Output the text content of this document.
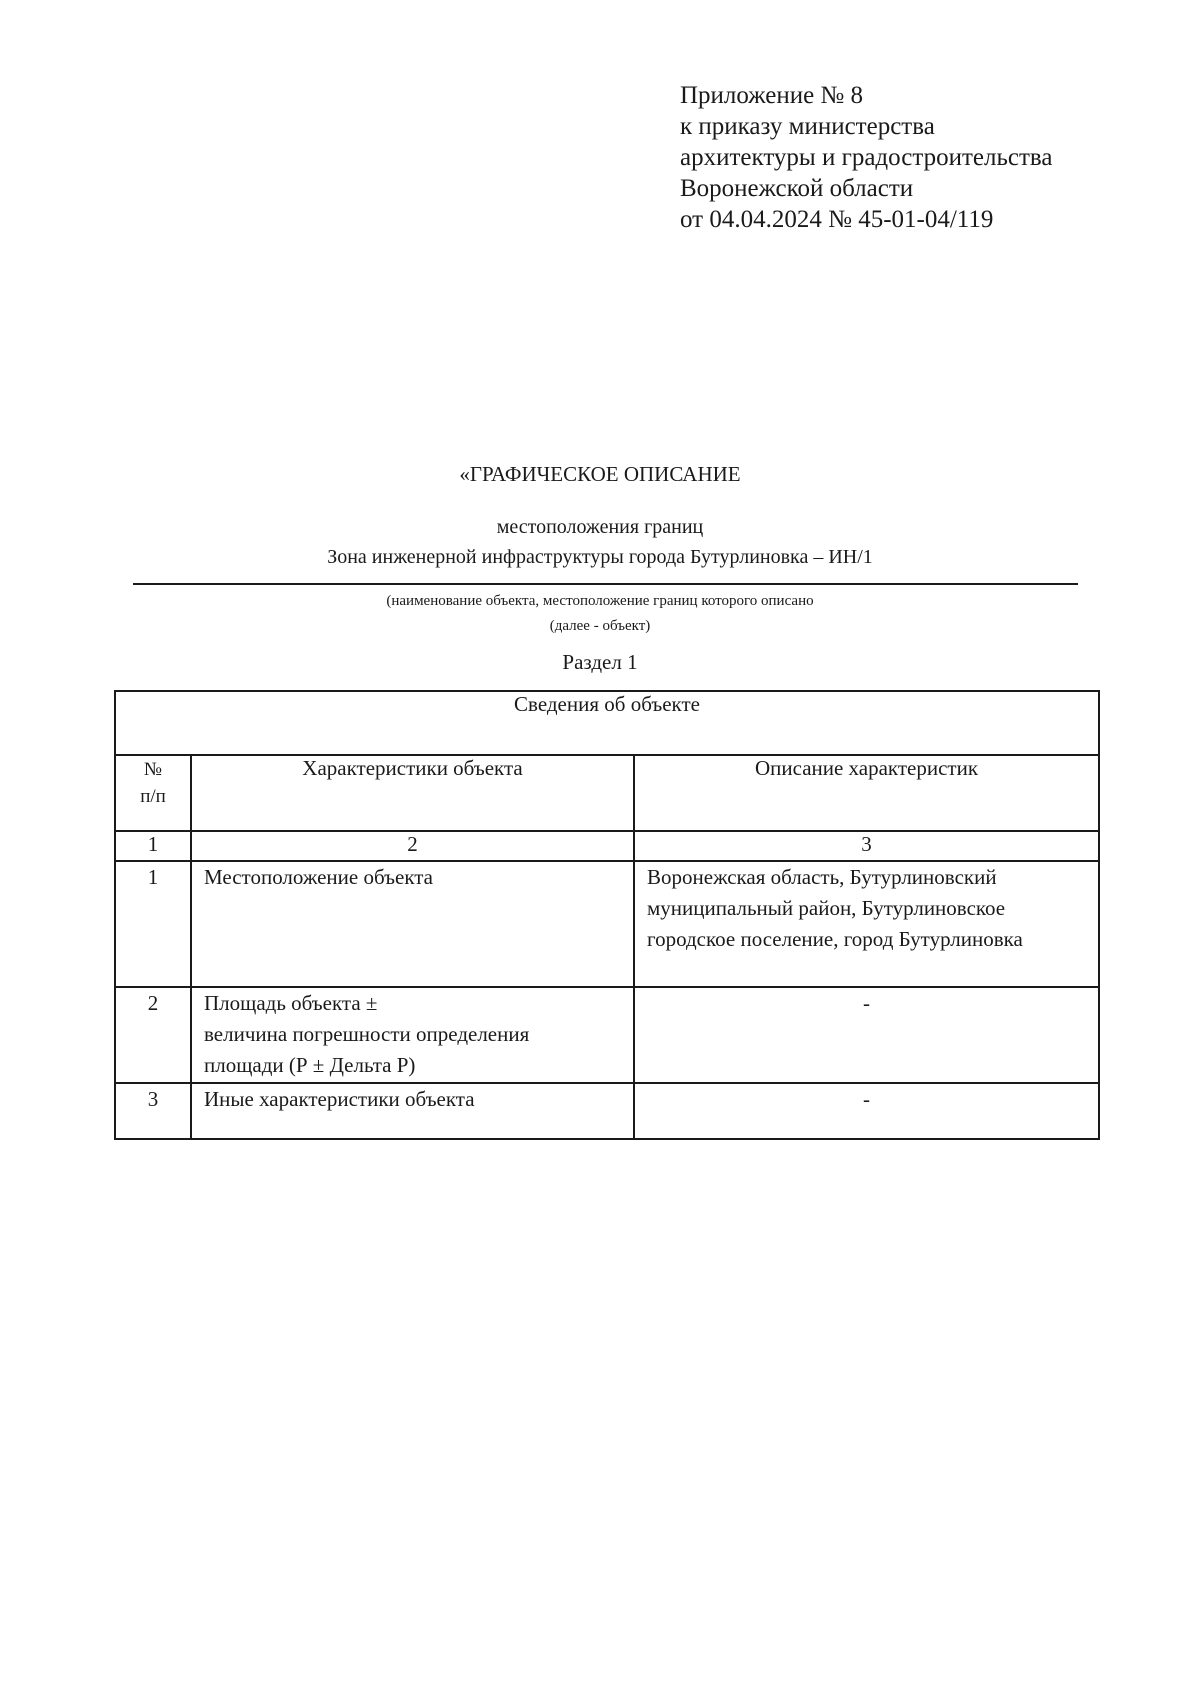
Приложение № 8
к приказу министерства
архитектуры и градостроительства
Воронежской области
от 04.04.2024 № 45-01-04/119
«ГРАФИЧЕСКОЕ ОПИСАНИЕ
местоположения границ
Зона инженерной инфраструктуры города Бутурлиновка – ИН/1
(наименование объекта, местоположение границ которого описано
(далее - объект)
Раздел 1
Сведения об объекте		

№
п/п	Характеристики объекта	Описание характеристик
1	2	3
1	Местоположение объекта	Воронежская область, Бутурлиновский муниципальный район, Бутурлиновское городское поселение, город Бутурлиновка
2	Площадь объекта ±
величина погрешности определения
площади (Р ± Дельта Р)	-
3	Иные характеристики объекта	-
